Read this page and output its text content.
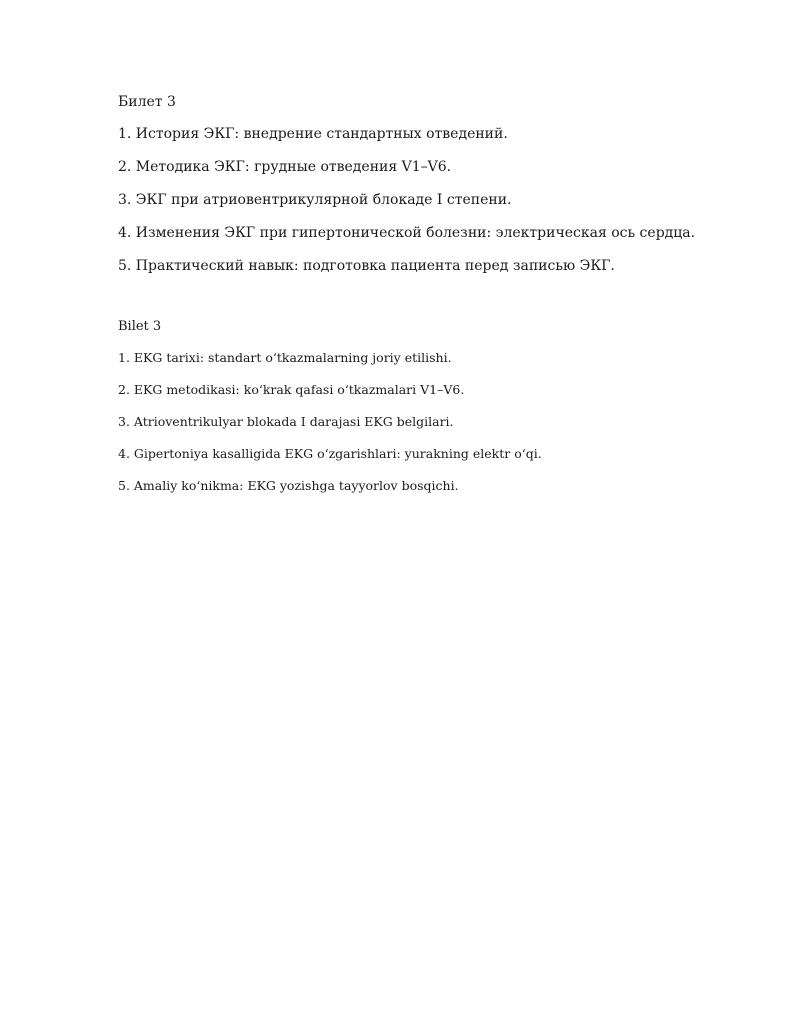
Билет 3

1. История ЭКГ: внедрение стандартных отведений.
2. Методика ЭКГ: грудные отведения V1–V6.
3. ЭКГ при атриовентрикулярной блокаде I степени.
4. Изменения ЭКГ при гипертонической болезни: электрическая ось сердца.
5. Практический навык: подготовка пациента перед записью ЭКГ.

Bilet 3

1. EKG tarixi: standart o‘tkazmalarning joriy etilishi.
2. EKG metodikasi: ko‘krak qafasi o‘tkazmalari V1–V6.
3. Atrioventrikulyar blokada I darajasi EKG belgilari.
4. Gipertoniya kasalligida EKG o‘zgarishlari: yurakning elektr o‘qi.
5. Amaliy ko‘nikma: EKG yozishga tayyorlov bosqichi.
